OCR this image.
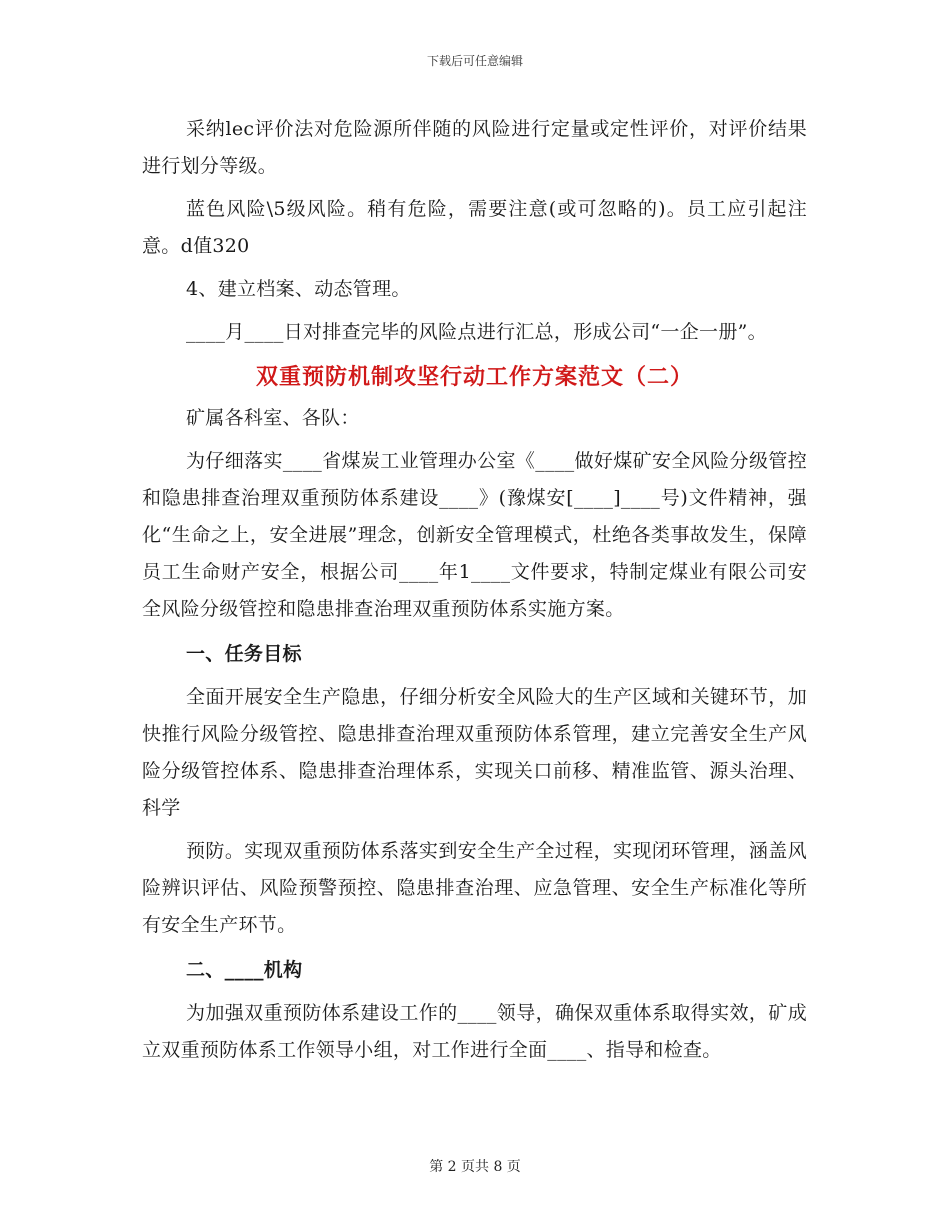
下载后可任意编辑

采纳lec评价法对危险源所伴随的风险进行定量或定性评价，对评价结果进行划分等级。

蓝色风险\5级风险。稍有危险，需要注意(或可忽略的)。员工应引起注意。d值320

4、建立档案、动态管理。

____月____日对排查完毕的风险点进行汇总，形成公司“一企一册”。

双重预防机制攻坚行动工作方案范文（二）

矿属各科室、各队：

为仔细落实____省煤炭工业管理办公室《____做好煤矿安全风险分级管控和隐患排查治理双重预防体系建设____》(豫煤安[____]____号)文件精神，强化“生命之上，安全进展”理念，创新安全管理模式，杜绝各类事故发生，保障员工生命财产安全，根据公司____年1____文件要求，特制定煤业有限公司安全风险分级管控和隐患排查治理双重预防体系实施方案。

一、任务目标

全面开展安全生产隐患，仔细分析安全风险大的生产区域和关键环节，加快推行风险分级管控、隐患排查治理双重预防体系管理，建立完善安全生产风险分级管控体系、隐患排查治理体系，实现关口前移、精准监管、源头治理、科学

预防。实现双重预防体系落实到安全生产全过程，实现闭环管理，涵盖风险辨识评估、风险预警预控、隐患排查治理、应急管理、安全生产标准化等所有安全生产环节。

二、____机构

为加强双重预防体系建设工作的____领导，确保双重体系取得实效，矿成立双重预防体系工作领导小组，对工作进行全面____、指导和检查。

第 2 页共 8 页
